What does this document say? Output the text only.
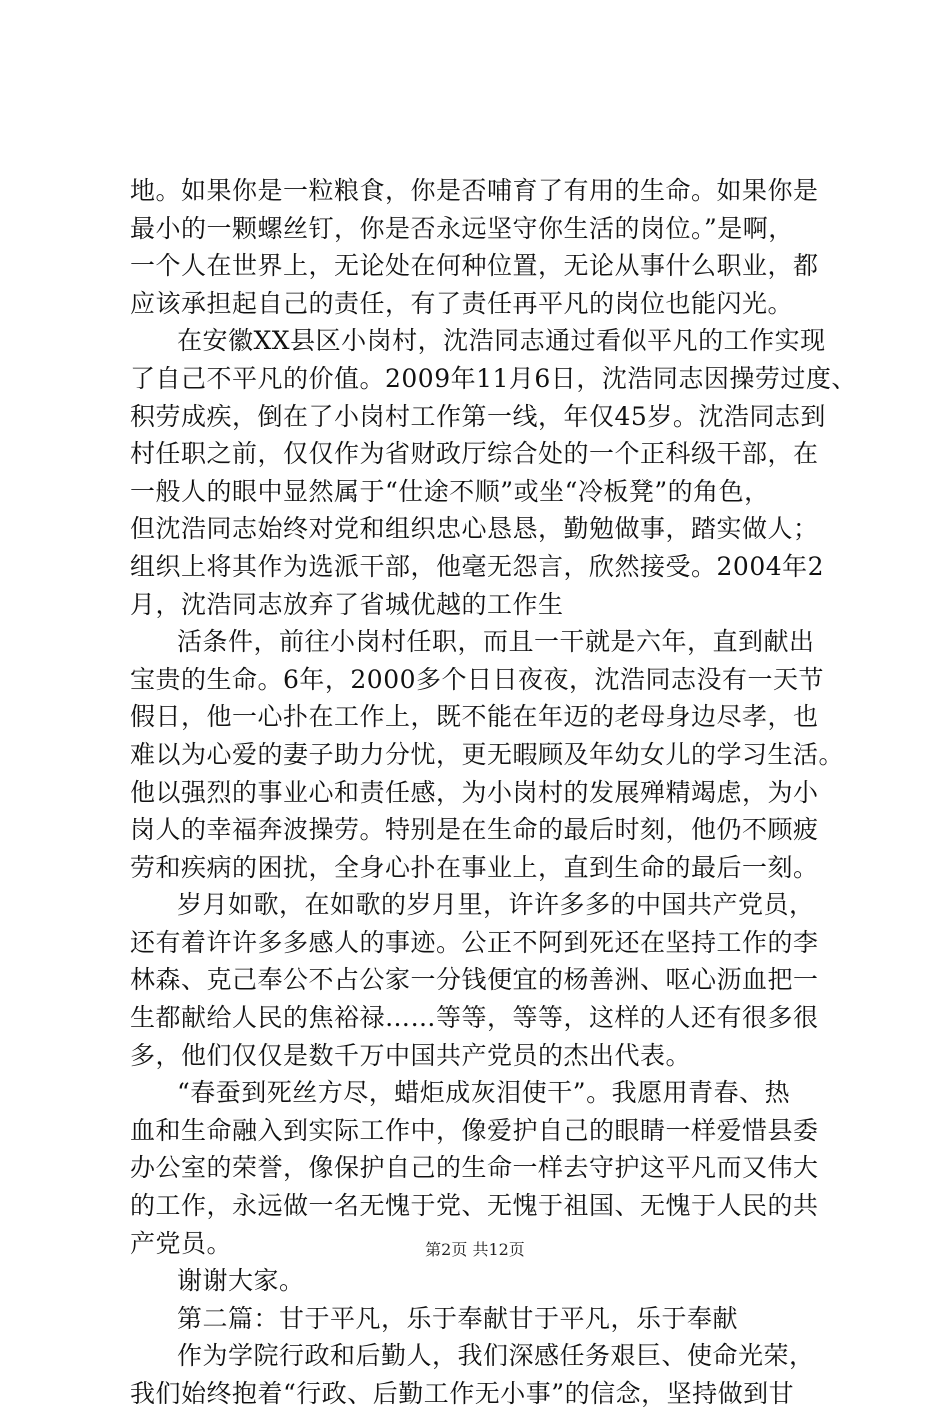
地。如果你是一粒粮食，你是否哺育了有用的生命。如果你是
最小的一颗螺丝钉，你是否永远坚守你生活的岗位。”是啊，
一个人在世界上，无论处在何种位置，无论从事什么职业，都
应该承担起自己的责任，有了责任再平凡的岗位也能闪光。
在安徽XX县区小岗村，沈浩同志通过看似平凡的工作实现
了自己不平凡的价值。2009年11月6日，沈浩同志因操劳过度、
积劳成疾，倒在了小岗村工作第一线，年仅45岁。沈浩同志到
村任职之前，仅仅作为省财政厅综合处的一个正科级干部，在
一般人的眼中显然属于“仕途不顺”或坐“冷板凳”的角色，
但沈浩同志始终对党和组织忠心恳恳，勤勉做事，踏实做人；
组织上将其作为选派干部，他毫无怨言，欣然接受。2004年2
月，沈浩同志放弃了省城优越的工作生
活条件，前往小岗村任职，而且一干就是六年，直到献出
宝贵的生命。6年，2000多个日日夜夜，沈浩同志没有一天节
假日，他一心扑在工作上，既不能在年迈的老母身边尽孝，也
难以为心爱的妻子助力分忧，更无暇顾及年幼女儿的学习生活。
他以强烈的事业心和责任感，为小岗村的发展殚精竭虑，为小
岗人的幸福奔波操劳。特别是在生命的最后时刻，他仍不顾疲
劳和疾病的困扰，全身心扑在事业上，直到生命的最后一刻。
岁月如歌，在如歌的岁月里，许许多多的中国共产党员，
还有着许许多多感人的事迹。公正不阿到死还在坚持工作的李
林森、克己奉公不占公家一分钱便宜的杨善洲、呕心沥血把一
生都献给人民的焦裕禄……等等，等等，这样的人还有很多很
多，他们仅仅是数千万中国共产党员的杰出代表。
“春蚕到死丝方尽，蜡炬成灰泪使干”。我愿用青春、热
血和生命融入到实际工作中，像爱护自己的眼睛一样爱惜县委
办公室的荣誉，像保护自己的生命一样去守护这平凡而又伟大
的工作，永远做一名无愧于党、无愧于祖国、无愧于人民的共
产党员。
谢谢大家。
第二篇：甘于平凡，乐于奉献甘于平凡，乐于奉献
作为学院行政和后勤人，我们深感任务艰巨、使命光荣，
我们始终抱着“行政、后勤工作无小事”的信念，坚持做到甘
第2页 共12页
